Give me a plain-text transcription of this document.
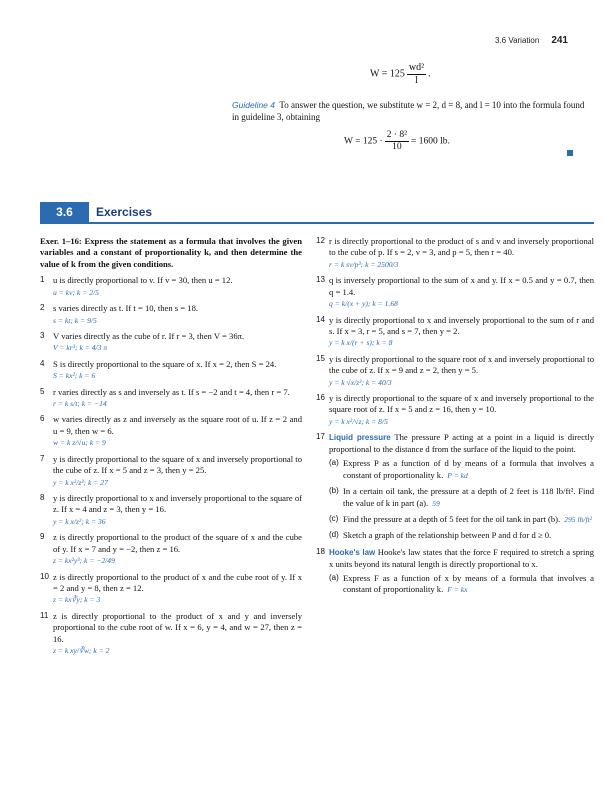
3.6 Variation 241
$W = 125 \frac{\text{wd²}}{l}$ .
Guideline 4 To answer the question, we substitute w = 2, d = 8, and l = 10 into the formula found in guideline 3, obtaining
$W = 125 \cdot \frac{\text{2 · 8²}}{10} = 1600$ lb.
3.6	Exercises
Exer. 1–16: Express the statement as a formula that involves the given variables and a constant of proportionality k, and then determine the value of k from the given conditions.
1 u is directly proportional to v. If v = 30, then u = 12.
u = kv; k = 2/5
2 s varies directly as t. If t = 10, then s = 18.
s = kt; k = 9/5
3 V varies directly as the cube of r. If r = 3, then V = 36π.
V = kr³; k = 4/3 π
4 S is directly proportional to the square of x. If x = 2, then S = 24.
S = kx²; k = 6
5 r varies directly as s and inversely as t. If s = −2 and t = 4, then r = 7.
r = k s/t; k = −14
6 w varies directly as z and inversely as the square root of u. If z = 2 and u = 9, then w = 6.
w = k z/√u; k = 9
7 y is directly proportional to the square of x and inversely proportional to the cube of z. If x = 5 and z = 3, then y = 25.
y = k x²/z³; k = 27
8 y is directly proportional to x and inversely proportional to the square of z. If x = 4 and z = 3, then y = 16.
y = k x/z²; k = 36
9 z is directly proportional to the product of the square of x and the cube of y. If x = 7 and y = −2, then z = 16.
z = kx²y³; k = −2/49
10 z is directly proportional to the product of x and the cube root of y. If x = 2 and y = 8, then z = 12.
z = kx∛y; k = 3
11 z is directly proportional to the product of x and y and inversely proportional to the cube root of w. If x = 6, y = 4, and w = 27, then z = 16.
z = k xy/∛w; k = 2
12 r is directly proportional to the product of s and v and inversely proportional to the cube of p. If s = 2, v = 3, and p = 5, then r = 40.
r = k sv/p³; k = 2500/3
13 q is inversely proportional to the sum of x and y. If x = 0.5 and y = 0.7, then q = 1.4.
q = k/(x + y); k = 1.68
14 y is directly proportional to x and inversely proportional to the sum of r and s. If x = 3, r = 5, and s = 7, then y = 2.
y = k x/(r + s); k = 8
15 y is directly proportional to the square root of x and inversely proportional to the cube of z. If x = 9 and z = 2, then y = 5.
y = k √x/z³; k = 40/3
16 y is directly proportional to the square of x and inversely proportional to the square root of z. If x = 5 and z = 16, then y = 10.
y = k x²/√z; k = 8/5
17 Liquid pressure The pressure P acting at a point in a liquid is directly proportional to the distance d from the surface of the liquid to the point.
(a) Express P as a function of d by means of a formula that involves a constant of proportionality k. P = kd
(b) In a certain oil tank, the pressure at a depth of 2 feet is 118 lb/ft². Find the value of k in part (a). 59
(c) Find the pressure at a depth of 5 feet for the oil tank in part (b). 295 lb/ft²
(d) Sketch a graph of the relationship between P and d for d ≥ 0.
18 Hooke's law Hooke's law states that the force F required to stretch a spring x units beyond its natural length is directly proportional to x.
(a) Express F as a function of x by means of a formula that involves a constant of proportionality k. F = kx
